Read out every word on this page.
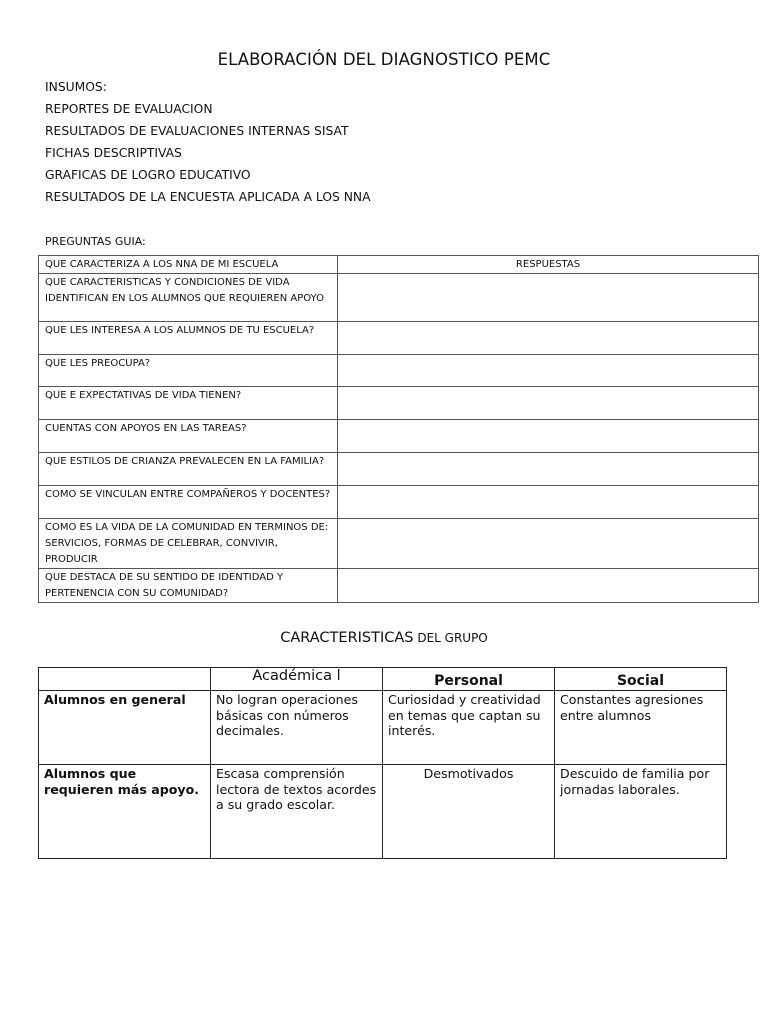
ELABORACIÓN DEL DIAGNOSTICO PEMC
INSUMOS:
REPORTES DE EVALUACION
RESULTADOS DE EVALUACIONES INTERNAS SISAT
FICHAS DESCRIPTIVAS
GRAFICAS DE LOGRO EDUCATIVO
RESULTADOS DE LA ENCUESTA APLICADA A LOS NNA
PREGUNTAS GUIA:
QUE CARACTERIZA A LOS NNA DE MI ESCUELA	RESPUESTAS
QUE CARACTERISTICAS Y CONDICIONES DE VIDA IDENTIFICAN EN LOS ALUMNOS QUE REQUIEREN APOYO	
QUE LES INTERESA A LOS ALUMNOS DE TU ESCUELA?	
QUE LES PREOCUPA?	
QUE E EXPECTATIVAS DE VIDA TIENEN?	
CUENTAS CON APOYOS EN LAS TAREAS?	
QUE ESTILOS DE CRIANZA PREVALECEN EN LA FAMILIA?	
COMO SE VINCULAN ENTRE COMPAÑEROS Y DOCENTES?	
COMO ES LA VIDA DE LA COMUNIDAD EN TERMINOS DE: SERVICIOS, FORMAS DE CELEBRAR, CONVIVIR, PRODUCIR	
QUE DESTACA DE SU SENTIDO DE IDENTIDAD Y PERTENENCIA CON SU COMUNIDAD?	
CARACTERISTICAS DEL GRUPO
	Académica l	Personal	Social
Alumnos en general	No logran operaciones básicas con números decimales.	Curiosidad y creatividad en temas que captan su interés.	Constantes agresiones entre alumnos
Alumnos que requieren más apoyo.	Escasa comprensión lectora de textos acordes a su grado escolar.	Desmotivados	Descuido de familia por jornadas laborales.
